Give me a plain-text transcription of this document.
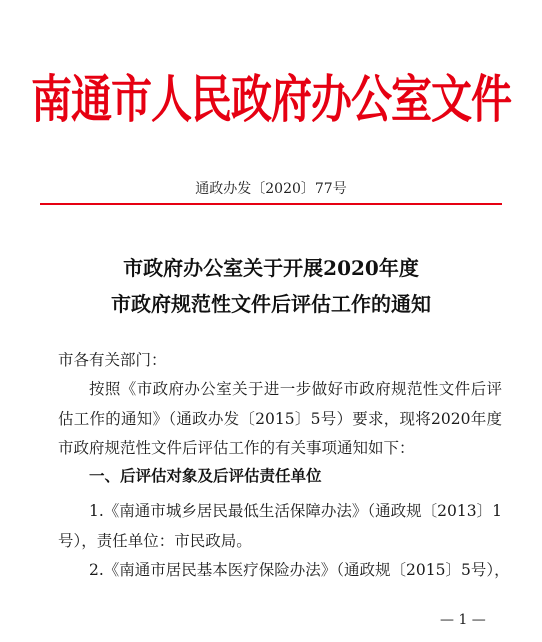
南通市人民政府办公室文件
通政办发〔2020〕77号
市政府办公室关于开展2020年度
市政府规范性文件后评估工作的通知
市各有关部门：
按照《市政府办公室关于进一步做好市政府规范性文件后评估工作的通知》（通政办发〔2015〕5号）要求，现将2020年度市政府规范性文件后评估工作的有关事项通知如下：
一、后评估对象及后评估责任单位
1.《南通市城乡居民最低生活保障办法》（通政规〔2013〕1号），责任单位：市民政局。
2.《南通市居民基本医疗保险办法》（通政规〔2015〕5号），
— 1 —
